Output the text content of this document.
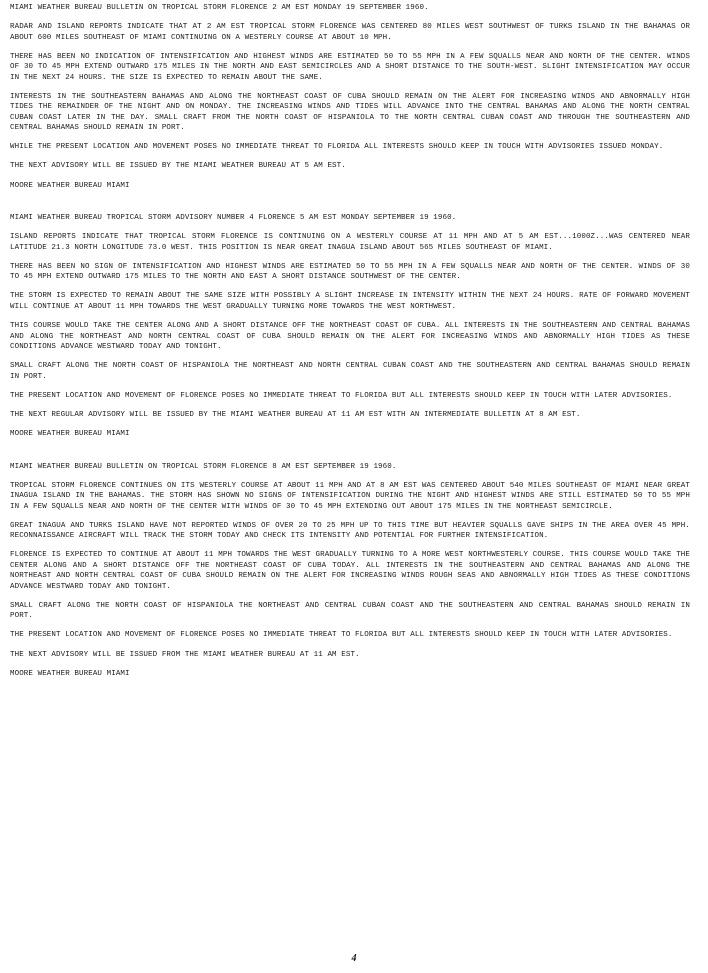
MIAMI WEATHER BUREAU BULLETIN ON TROPICAL STORM FLORENCE 2 AM EST MONDAY 19 SEPTEMBER 1960.

RADAR AND ISLAND REPORTS INDICATE THAT AT 2 AM EST TROPICAL STORM FLORENCE WAS CENTERED 80 MILES WEST SOUTHWEST OF TURKS ISLAND IN THE BAHAMAS OR ABOUT 600 MILES SOUTHEAST OF MIAMI CONTINUING ON A WESTERLY COURSE AT ABOUT 10 MPH.

THERE HAS BEEN NO INDICATION OF INTENSIFICATION AND HIGHEST WINDS ARE ESTIMATED 50 TO 55 MPH IN A FEW SQUALLS NEAR AND NORTH OF THE CENTER. WINDS OF 30 TO 45 MPH EXTEND OUTWARD 175 MILES IN THE NORTH AND EAST SEMICIRCLES AND A SHORT DISTANCE TO THE SOUTH-WEST. SLIGHT INTENSIFICATION MAY OCCUR IN THE NEXT 24 HOURS. THE SIZE IS EXPECTED TO REMAIN ABOUT THE SAME.

INTERESTS IN THE SOUTHEASTERN BAHAMAS AND ALONG THE NORTHEAST COAST OF CUBA SHOULD REMAIN ON THE ALERT FOR INCREASING WINDS AND ABNORMALLY HIGH TIDES THE REMAINDER OF THE NIGHT AND ON MONDAY. THE INCREASING WINDS AND TIDES WILL ADVANCE INTO THE CENTRAL BAHAMAS AND ALONG THE NORTH CENTRAL CUBAN COAST LATER IN THE DAY. SMALL CRAFT FROM THE NORTH COAST OF HISPANIOLA TO THE NORTH CENTRAL CUBAN COAST AND THROUGH THE SOUTHEASTERN AND CENTRAL BAHAMAS SHOULD REMAIN IN PORT.

WHILE THE PRESENT LOCATION AND MOVEMENT POSES NO IMMEDIATE THREAT TO FLORIDA ALL INTERESTS SHOULD KEEP IN TOUCH WITH ADVISORIES ISSUED MONDAY.

THE NEXT ADVISORY WILL BE ISSUED BY THE MIAMI WEATHER BUREAU AT 5 AM EST.

MOORE WEATHER BUREAU MIAMI

MIAMI WEATHER BUREAU TROPICAL STORM ADVISORY NUMBER 4 FLORENCE 5 AM EST MONDAY SEPTEMBER 19 1960.

ISLAND REPORTS INDICATE THAT TROPICAL STORM FLORENCE IS CONTINUING ON A WESTERLY COURSE AT 11 MPH AND AT 5 AM EST...1000Z...WAS CENTERED NEAR LATITUDE 21.3 NORTH LONGITUDE 73.0 WEST. THIS POSITION IS NEAR GREAT INAGUA ISLAND ABOUT 565 MILES SOUTHEAST OF MIAMI.

THERE HAS BEEN NO SIGN OF INTENSIFICATION AND HIGHEST WINDS ARE ESTIMATED 50 TO 55 MPH IN A FEW SQUALLS NEAR AND NORTH OF THE CENTER. WINDS OF 30 TO 45 MPH EXTEND OUTWARD 175 MILES TO THE NORTH AND EAST A SHORT DISTANCE SOUTHWEST OF THE CENTER.

THE STORM IS EXPECTED TO REMAIN ABOUT THE SAME SIZE WITH POSSIBLY A SLIGHT INCREASE IN INTENSITY WITHIN THE NEXT 24 HOURS. RATE OF FORWARD MOVEMENT WILL CONTINUE AT ABOUT 11 MPH TOWARDS THE WEST GRADUALLY TURNING MORE TOWARDS THE WEST NORTHWEST.

THIS COURSE WOULD TAKE THE CENTER ALONG AND A SHORT DISTANCE OFF THE NORTHEAST COAST OF CUBA. ALL INTERESTS IN THE SOUTHEASTERN AND CENTRAL BAHAMAS AND ALONG THE NORTHEAST AND NORTH CENTRAL COAST OF CUBA SHOULD REMAIN ON THE ALERT FOR INCREASING WINDS AND ABNORMALLY HIGH TIDES AS THESE CONDITIONS ADVANCE WESTWARD TODAY AND TONIGHT.

SMALL CRAFT ALONG THE NORTH COAST OF HISPANIOLA THE NORTHEAST AND NORTH CENTRAL CUBAN COAST AND THE SOUTHEASTERN AND CENTRAL BAHAMAS SHOULD REMAIN IN PORT.

THE PRESENT LOCATION AND MOVEMENT OF FLORENCE POSES NO IMMEDIATE THREAT TO FLORIDA BUT ALL INTERESTS SHOULD KEEP IN TOUCH WITH LATER ADVISORIES.

THE NEXT REGULAR ADVISORY WILL BE ISSUED BY THE MIAMI WEATHER BUREAU AT 11 AM EST WITH AN INTERMEDIATE BULLETIN AT 8 AM EST.

MOORE WEATHER BUREAU MIAMI

MIAMI WEATHER BUREAU BULLETIN ON TROPICAL STORM FLORENCE 8 AM EST SEPTEMBER 19 1960.

TROPICAL STORM FLORENCE CONTINUES ON ITS WESTERLY COURSE AT ABOUT 11 MPH AND AT 8 AM EST WAS CENTERED ABOUT 540 MILES SOUTHEAST OF MIAMI NEAR GREAT INAGUA ISLAND IN THE BAHAMAS. THE STORM HAS SHOWN NO SIGNS OF INTENSIFICATION DURING THE NIGHT AND HIGHEST WINDS ARE STILL ESTIMATED 50 TO 55 MPH IN A FEW SQUALLS NEAR AND NORTH OF THE CENTER WITH WINDS OF 30 TO 45 MPH EXTENDING OUT ABOUT 175 MILES IN THE NORTHEAST SEMICIRCLE.

GREAT INAGUA AND TURKS ISLAND HAVE NOT REPORTED WINDS OF OVER 20 TO 25 MPH UP TO THIS TIME BUT HEAVIER SQUALLS GAVE SHIPS IN THE AREA OVER 45 MPH. RECONNAISSANCE AIRCRAFT WILL TRACK THE STORM TODAY AND CHECK ITS INTENSITY AND POTENTIAL FOR FURTHER INTENSIFICATION.

FLORENCE IS EXPECTED TO CONTINUE AT ABOUT 11 MPH TOWARDS THE WEST GRADUALLY TURNING TO A MORE WEST NORTHWESTERLY COURSE. THIS COURSE WOULD TAKE THE CENTER ALONG AND A SHORT DISTANCE OFF THE NORTHEAST COAST OF CUBA TODAY. ALL INTERESTS IN THE SOUTHEASTERN AND CENTRAL BAHAMAS AND ALONG THE NORTHEAST AND NORTH CENTRAL COAST OF CUBA SHOULD REMAIN ON THE ALERT FOR INCREASING WINDS ROUGH SEAS AND ABNORMALLY HIGH TIDES AS THESE CONDITIONS ADVANCE WESTWARD TODAY AND TONIGHT.

SMALL CRAFT ALONG THE NORTH COAST OF HISPANIOLA THE NORTHEAST AND CENTRAL CUBAN COAST AND THE SOUTHEASTERN AND CENTRAL BAHAMAS SHOULD REMAIN IN PORT.

THE PRESENT LOCATION AND MOVEMENT OF FLORENCE POSES NO IMMEDIATE THREAT TO FLORIDA BUT ALL INTERESTS SHOULD KEEP IN TOUCH WITH LATER ADVISORIES.

THE NEXT ADVISORY WILL BE ISSUED FROM THE MIAMI WEATHER BUREAU AT 11 AM EST.

MOORE WEATHER BUREAU MIAMI

4
